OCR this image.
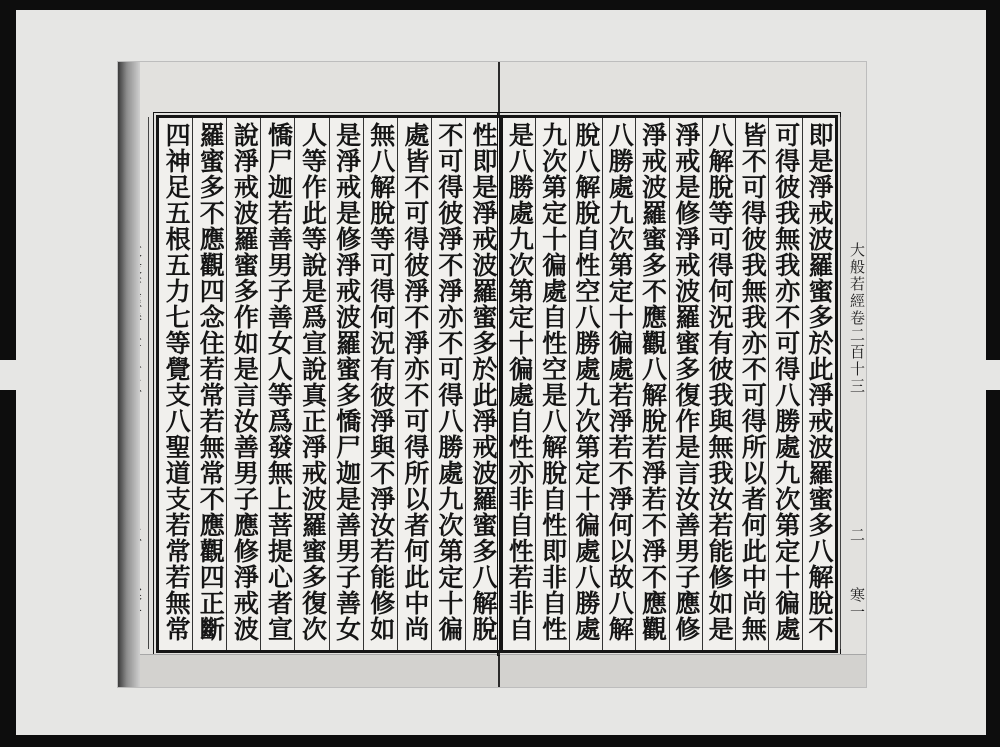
性即是淨戒波羅蜜多於此淨戒波羅蜜多八解脫
不可得彼淨不淨亦不可得八勝處九次第定十徧
處皆不可得彼淨不淨亦不可得所以者何此中尚
無八解脫等可得何況有彼淨與不淨汝若能修如
是淨戒是修淨戒波羅蜜多憍尸迦是善男子善女
人等作此等說是爲宣說真正淨戒波羅蜜多復次
憍尸迦若善男子善女人等爲發無上菩提心者宣
說淨戒波羅蜜多作如是言汝善男子應修淨戒波
羅蜜多不應觀四念住若常若無常不應觀四正斷
四神足五根五力七等覺支八聖道支若常若無常	即是淨戒波羅蜜多於此淨戒波羅蜜多八解脫不
可得彼我無我亦不可得八勝處九次第定十徧處
皆不可得彼我無我亦不可得所以者何此中尚無
八解脫等可得何況有彼我與無我汝若能修如是
淨戒是修淨戒波羅蜜多復作是言汝善男子應修
淨戒波羅蜜多不應觀八解脫若淨若不淨不應觀
八勝處九次第定十徧處若淨若不淨何以故八解
脫八解脫自性空八勝處九次第定十徧處八勝處
九次第定十徧處自性空是八解脫自性即非自性
是八勝處九次第定十徧處自性亦非自性若非自	大般若經卷二百十三
二
寒一
